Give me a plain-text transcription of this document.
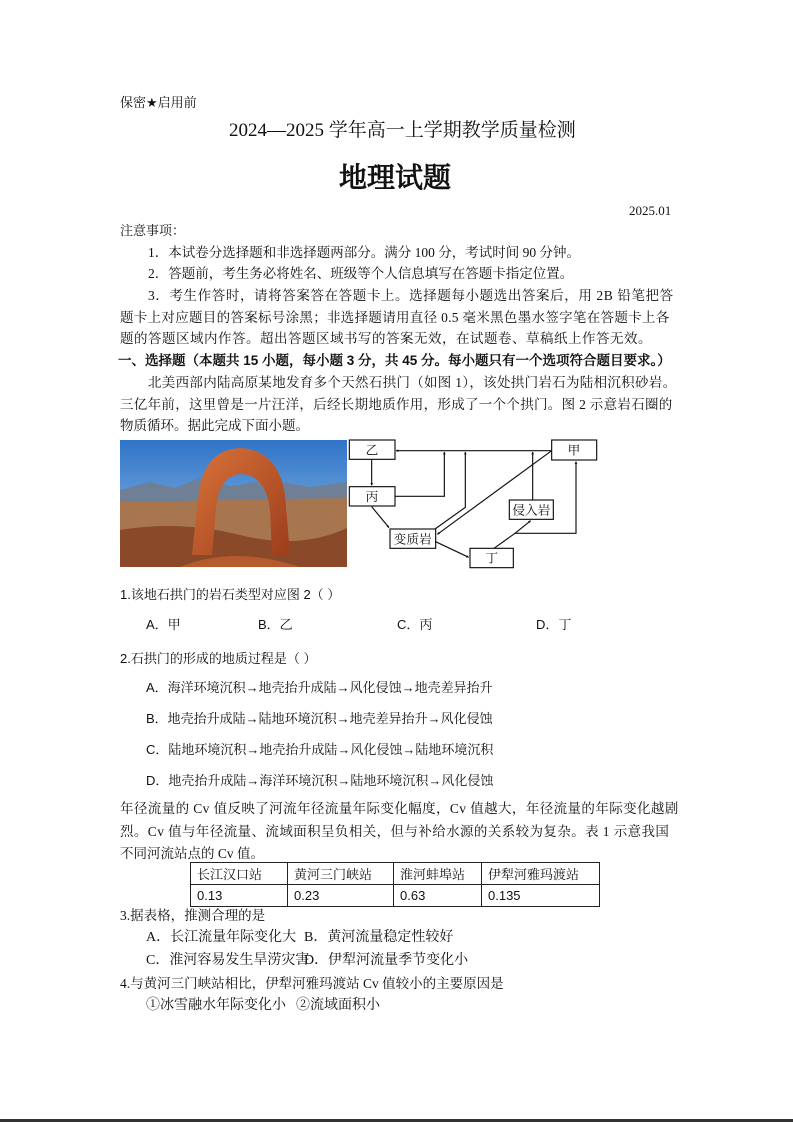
保密★启用前
2024—2025 学年高一上学期教学质量检测
地理试题
2025.01
注意事项：
1．本试卷分选择题和非选择题两部分。满分 100 分，考试时间 90 分钟。
2．答题前，考生务必将姓名、班级等个人信息填写在答题卡指定位置。
3．考生作答时，请将答案答在答题卡上。选择题每小题选出答案后，用 2B 铅笔把答
题卡上对应题目的答案标号涂黑；非选择题请用直径 0.5 毫米黑色墨水签字笔在答题卡上各
题的答题区域内作答。超出答题区域书写的答案无效，在试题卷、草稿纸上作答无效。
一、选择题（本题共 15 小题，每小题 3 分，共 45 分。每小题只有一个选项符合题目要求。）
北美西部内陆高原某地发育多个天然石拱门（如图 1），该处拱门岩石为陆相沉积砂岩。
三亿年前，这里曾是一片汪洋，后经长期地质作用，形成了一个个拱门。图 2 示意岩石圈的
物质循环。据此完成下面小题。
乙	甲
丙
侵入岩
变质岩
丁
1.该地石拱门的岩石类型对应图 2（ ）
A．甲	B．乙	C．丙	D．丁
2.石拱门的形成的地质过程是（ ）
A．海洋环境沉积→地壳抬升成陆→风化侵蚀→地壳差异抬升
B．地壳抬升成陆→陆地环境沉积→地壳差异抬升→风化侵蚀
C．陆地环境沉积→地壳抬升成陆→风化侵蚀→陆地环境沉积
D．地壳抬升成陆→海洋环境沉积→陆地环境沉积→风化侵蚀
年径流量的 Cv 值反映了河流年径流量年际变化幅度，Cv 值越大，年径流量的年际变化越剧
烈。Cv 值与年径流量、流域面积呈负相关，但与补给水源的关系较为复杂。表 1 示意我国
不同河流站点的 Cv 值。
长江汉口站	黄河三门峡站	淮河蚌埠站	伊犁河雅玛渡站
0.13	0.23	0.63	0.135
3.据表格，推测合理的是
A．长江流量年际变化大 B．黄河流量稳定性较好
C．淮河容易发生旱涝灾害
D．伊犁河流量季节变化小
4.与黄河三门峡站相比，伊犁河雅玛渡站 Cv 值较小的主要原因是
①冰雪融水年际变化小 ②流域面积小
